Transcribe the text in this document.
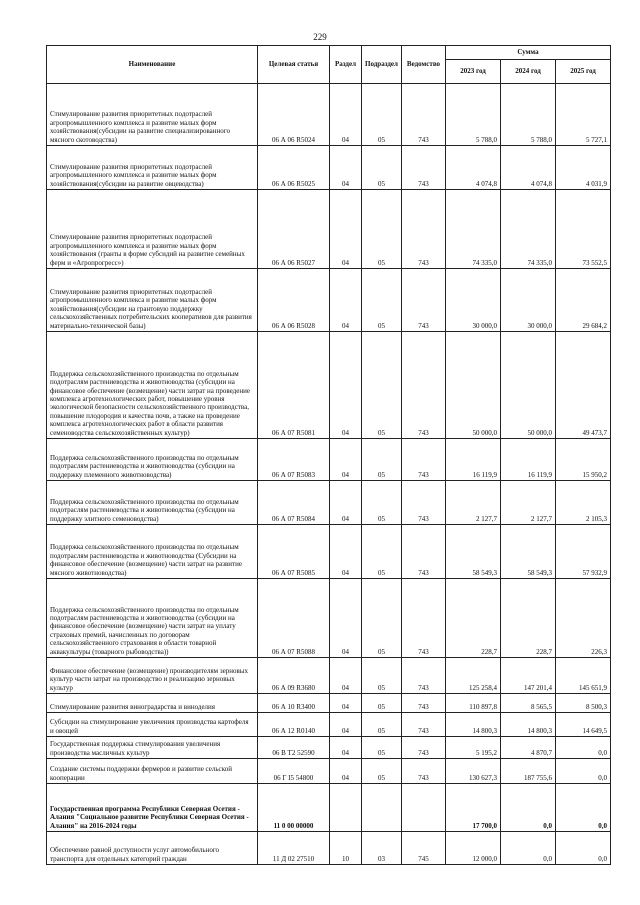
229
Наименование	Целевая статья	Раздел	Подраздел	Ведомство	Сумма		
					2023 год	2024 год	2025 год
Стимулирование развития приоритетных подотраслей агропромышленного комплекса и развитие малых форм хозяйствования(субсидии на развитие специализированного мясного скотоводства)	06 А 06 R5024	04	05	743	5 788,0	5 788,0	5 727,1
Стимулирование развития приоритетных подотраслей агропромышленного комплекса и развитие малых форм хозяйствования(субсидии на развитие овцеводства)	06 А 06 R5025	04	05	743	4 074,8	4 074,8	4 031,9
Стимулирование развития приоритетных подотраслей агропромышленного комплекса и развитие малых форм хозяйствования (гранты в форме субсидий на развитие семейных ферм и «Агропрогресс»)	06 А 06 R5027	04	05	743	74 335,0	74 335,0	73 552,5
Стимулирование развития приоритетных подотраслей агропромышленного комплекса и развитие малых форм хозяйствования(субсидии на грантовую поддержку сельскохозяйственных потребительских кооперативов для развития материально-технической базы)	06 А 06 R5028	04	05	743	30 000,0	30 000,0	29 684,2
Поддержка сельскохозяйственного производства по отдельным подотраслям растениеводства и животноводства (субсидии на финансовое обеспечение (возмещение) части затрат на проведение комплекса агротехнологических работ, повышение уровня экологической безопасности сельскохозяйственного производства, повышение плодородия и качества почв, а также на проведение комплекса агротехнологических работ в области развития семеноводства сельскохозяйственных культур)	06 А 07 R5081	04	05	743	50 000,0	50 000,0	49 473,7
Поддержка сельскохозяйственного производства по отдельным подотраслям растениеводства и животноводства (субсидии на поддержку племенного животноводства)	06 А 07 R5083	04	05	743	16 119,9	16 119,9	15 950,2
Поддержка сельскохозяйственного производства по отдельным подотраслям растениеводства и животноводства (субсидии на поддержку элитного семеноводства)	06 А 07 R5084	04	05	743	2 127,7	2 127,7	2 105,3
Поддержка сельскохозяйственного производства по отдельным подотраслям растениеводства и животноводства (Субсидии на финансовое обеспечение (возмещение) части затрат на развитие мясного животноводства)	06 А 07 R5085	04	05	743	58 549,3	58 549,3	57 932,9
Поддержка сельскохозяйственного производства по отдельным подотраслям растениеводства и животноводства (субсидии на финансовое обеспечение (возмещение) части затрат на уплату страховых премий, начисленных по договорам сельскохозяйственного страхования в области товарной аквакультуры (товарного рыбоводства))	06 А 07 R5088	04	05	743	228,7	228,7	226,3
Финансовое обеспечение (возмещение) производителям зерновых культур части затрат на производство и реализацию зерновых культур	06 А 09 R3680	04	05	743	125 258,4	147 201,4	145 651,9
Стимулирование развития виноградарства и виноделия	06 А 10 R3400	04	05	743	110 897,8	8 565,5	8 500,3
Субсидии на стимулирование увеличения производства картофеля и овощей	06 А 12 R0140	04	05	743	14 800,3	14 800,3	14 649,5
Государственная поддержка стимулирования увеличения производства масличных культур	06 В Т2 52590	04	05	743	5 195,2	4 870,7	0,0
Создание системы поддержки фермеров и развитие сельской кооперации	06 Г I5 54800	04	05	743	130 627,3	187 755,6	0,0
Государственная программа Республики Северная Осетия - Алания "Социальное развитие Республики Северная Осетия - Алания" на 2016-2024 годы	11 0 00 00000				17 700,0	0,0	0,0
Обеспечение равной доступности услуг автомобильного транспорта для отдельных категорий граждан	11 Д 02 27510	10	03	745	12 000,0	0,0	0,0
